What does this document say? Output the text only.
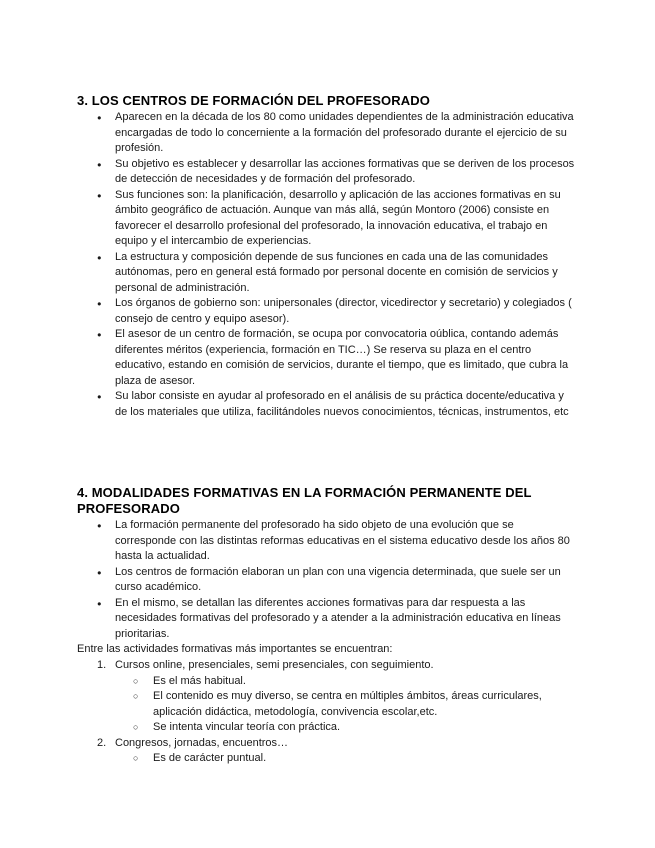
3. LOS CENTROS DE FORMACIÓN DEL PROFESORADO
● Aparecen en la década de los 80 como unidades dependientes de la administración educativa encargadas de todo lo concerniente a la formación del profesorado durante el ejercicio de su profesión.
● Su objetivo es establecer y desarrollar las acciones formativas que se deriven de los procesos de detección de necesidades y de formación del profesorado.
● Sus funciones son: la planificación, desarrollo y aplicación de las acciones formativas en su ámbito geográfico de actuación. Aunque van más allá, según Montoro (2006) consiste en favorecer el desarrollo profesional del profesorado, la innovación educativa, el trabajo en equipo y el intercambio de experiencias.
● La estructura y composición depende de sus funciones en cada una de las comunidades autónomas, pero en general está formado por personal docente en comisión de servicios y personal de administración.
● Los órganos de gobierno son: unipersonales (director, vicedirector y secretario) y colegiados ( consejo de centro y equipo asesor).
● El asesor de un centro de formación, se ocupa por convocatoria oública, contando además diferentes méritos (experiencia, formación en TIC…) Se reserva su plaza en el centro educativo, estando en comisión de servicios, durante el tiempo, que es limitado, que cubra la plaza de asesor.
● Su labor consiste en ayudar al profesorado en el análisis de su práctica docente/educativa y de los materiales que utiliza, facilitándoles nuevos conocimientos, técnicas, instrumentos, etc
4. MODALIDADES FORMATIVAS EN LA FORMACIÓN PERMANENTE DEL PROFESORADO
● La formación permanente del profesorado ha sido objeto de una evolución que se corresponde con las distintas reformas educativas en el sistema educativo desde los años 80 hasta la actualidad.
● Los centros de formación elaboran un plan con una vigencia determinada, que suele ser un curso académico.
● En el mismo, se detallan las diferentes acciones formativas para dar respuesta a las necesidades formativas del profesorado y a atender a la administración educativa en líneas prioritarias.
Entre las actividades formativas más importantes se encuentran:
1. Cursos online, presenciales, semi presenciales, con seguimiento.
○ Es el más habitual.
○ El contenido es muy diverso, se centra en múltiples ámbitos, áreas curriculares, aplicación didáctica, metodología, convivencia escolar,etc.
○ Se intenta vincular teoría con práctica.
2. Congresos, jornadas, encuentros…
○ Es de carácter puntual.
